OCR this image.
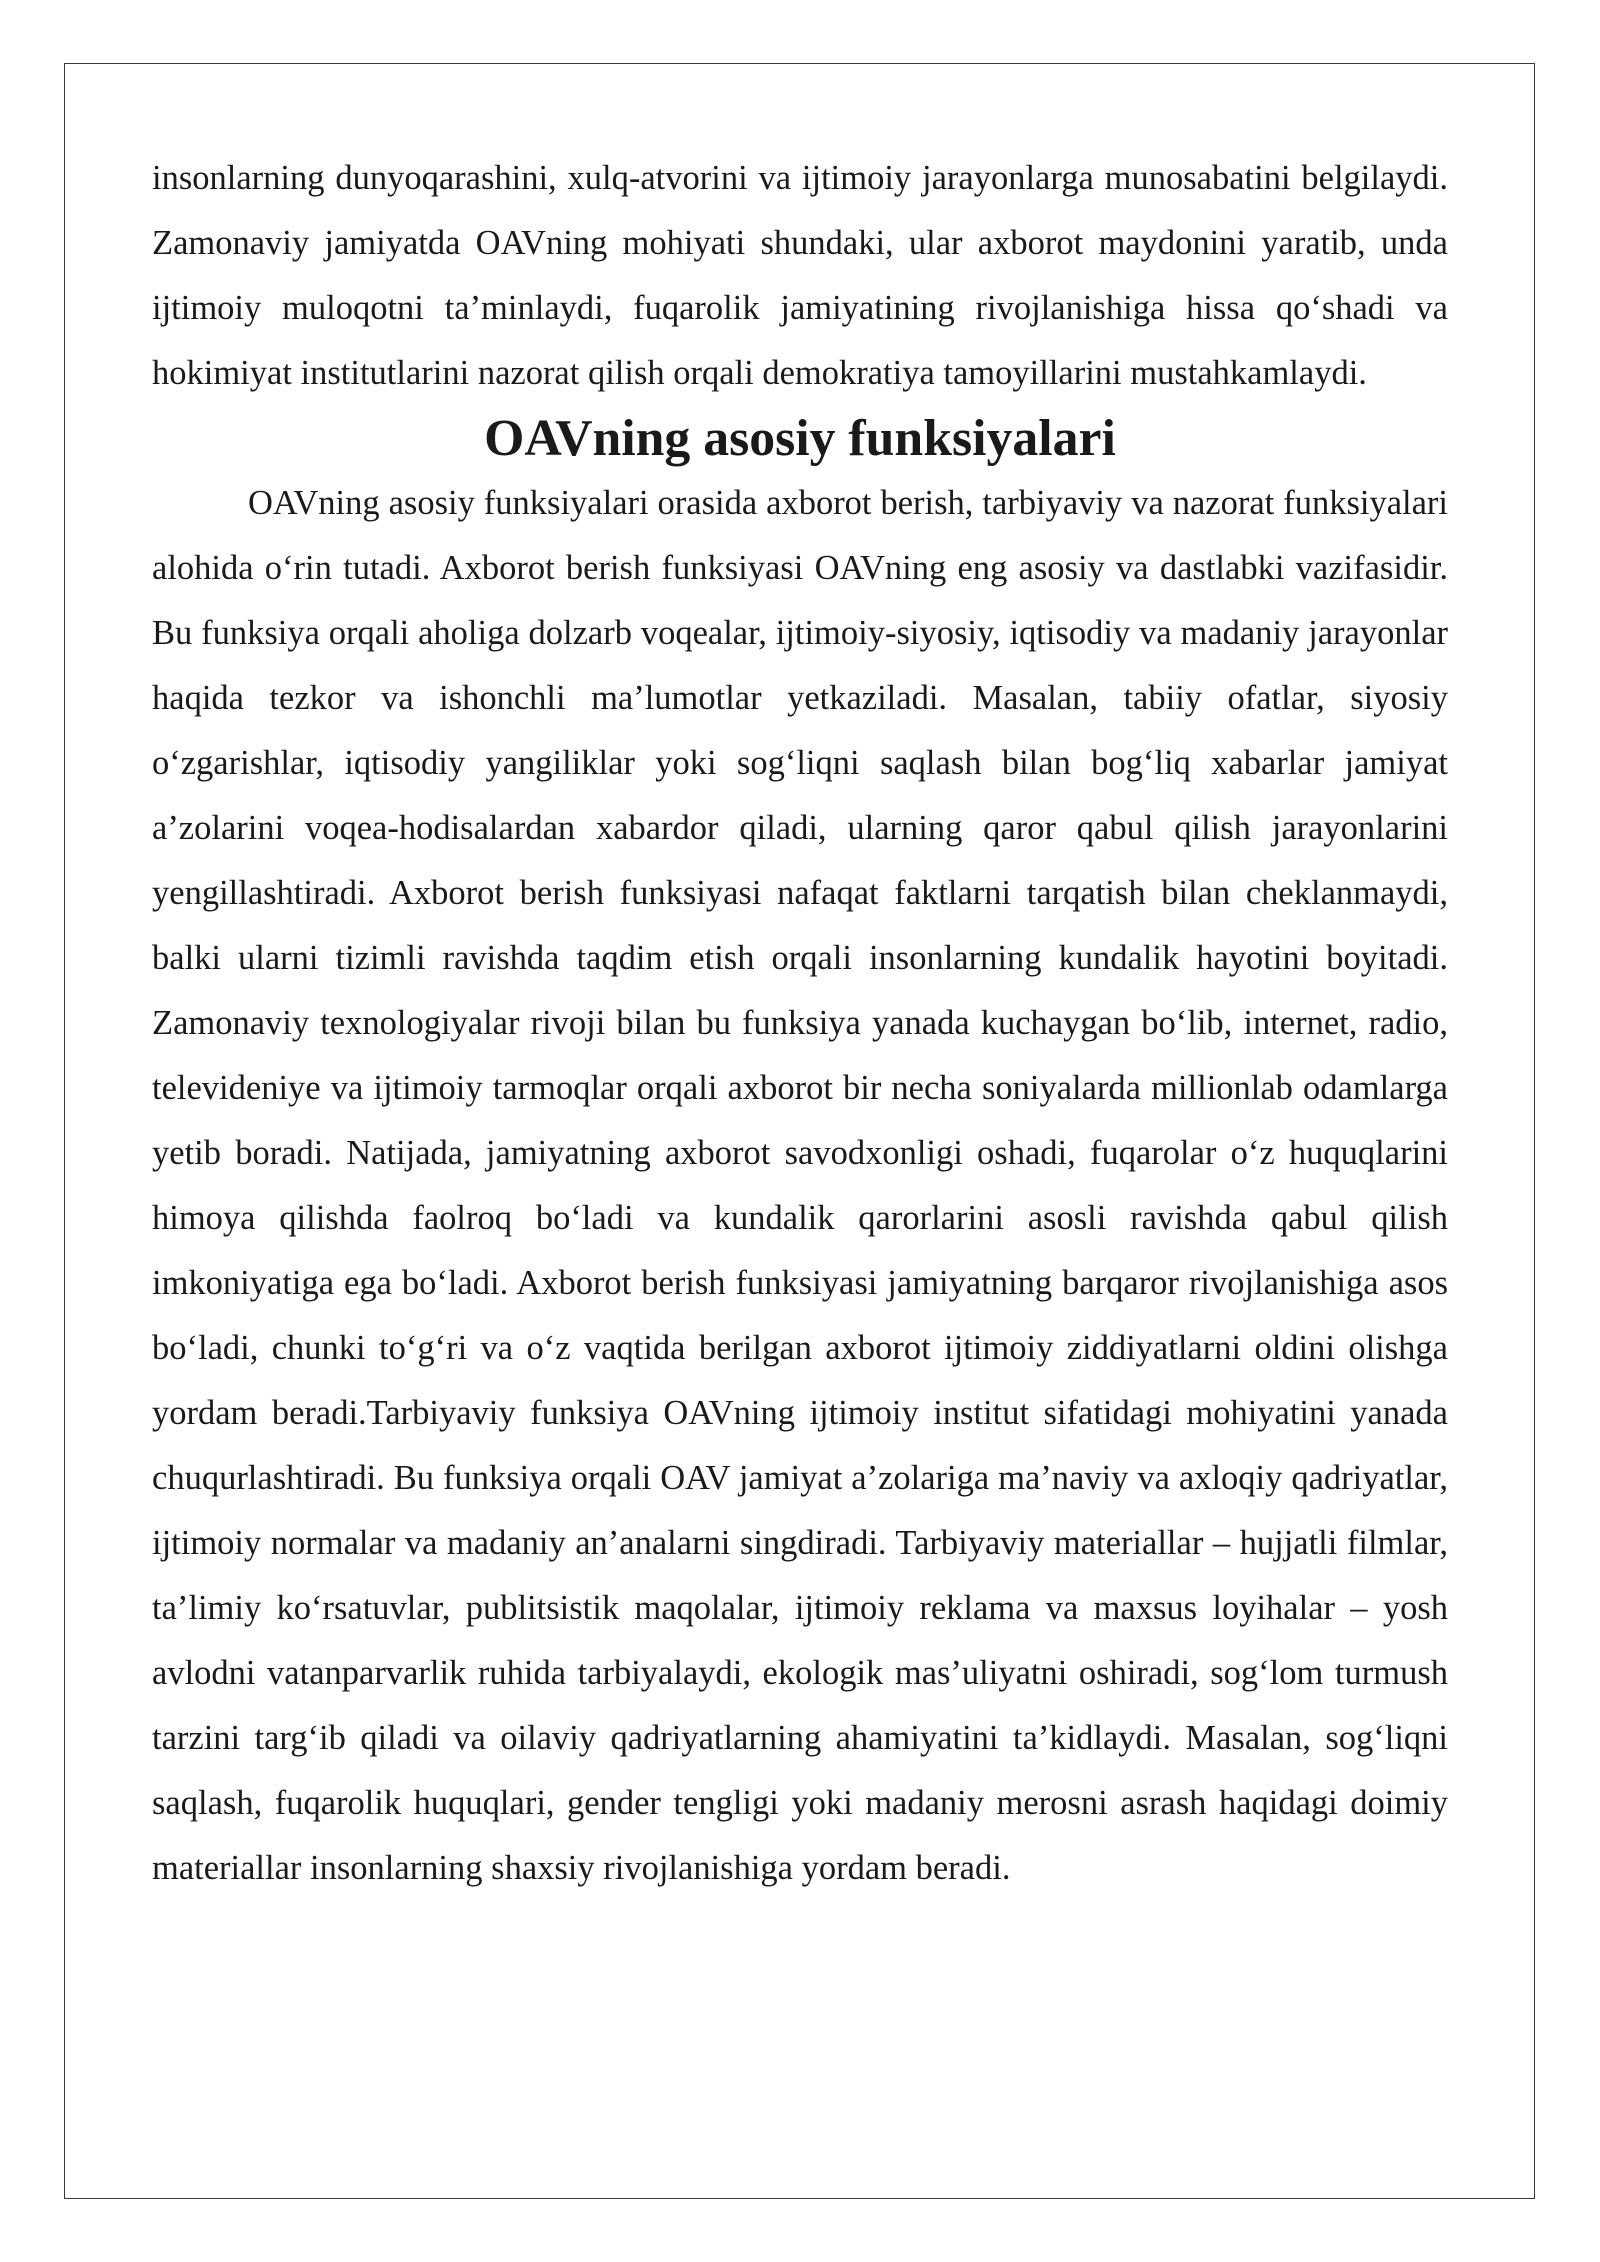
insonlarning dunyoqarashini, xulq-atvorini va ijtimoiy jarayonlarga munosabatini belgilaydi. Zamonaviy jamiyatda OAVning mohiyati shundaki, ular axborot maydonini yaratib, unda ijtimoiy muloqotni ta’minlaydi, fuqarolik jamiyatining rivojlanishiga hissa qo‘shadi va hokimiyat institutlarini nazorat qilish orqali demokratiya tamoyillarini mustahkamlaydi.

OAVning asosiy funksiyalari

OAVning asosiy funksiyalari orasida axborot berish, tarbiyaviy va nazorat funksiyalari alohida o‘rin tutadi. Axborot berish funksiyasi OAVning eng asosiy va dastlabki vazifasidir. Bu funksiya orqali aholiga dolzarb voqealar, ijtimoiy-siyosiy, iqtisodiy va madaniy jarayonlar haqida tezkor va ishonchli ma’lumotlar yetkaziladi. Masalan, tabiiy ofatlar, siyosiy o‘zgarishlar, iqtisodiy yangiliklar yoki sog‘liqni saqlash bilan bog‘liq xabarlar jamiyat a’zolarini voqea-hodisalardan xabardor qiladi, ularning qaror qabul qilish jarayonlarini yengillashtiradi. Axborot berish funksiyasi nafaqat faktlarni tarqatish bilan cheklanmaydi, balki ularni tizimli ravishda taqdim etish orqali insonlarning kundalik hayotini boyitadi. Zamonaviy texnologiyalar rivoji bilan bu funksiya yanada kuchaygan bo‘lib, internet, radio, televideniye va ijtimoiy tarmoqlar orqali axborot bir necha soniyalarda millionlab odamlarga yetib boradi. Natijada, jamiyatning axborot savodxonligi oshadi, fuqarolar o‘z huquqlarini himoya qilishda faolroq bo‘ladi va kundalik qarorlarini asosli ravishda qabul qilish imkoniyatiga ega bo‘ladi. Axborot berish funksiyasi jamiyatning barqaror rivojlanishiga asos bo‘ladi, chunki to‘g‘ri va o‘z vaqtida berilgan axborot ijtimoiy ziddiyatlarni oldini olishga yordam beradi.Tarbiyaviy funksiya OAVning ijtimoiy institut sifatidagi mohiyatini yanada chuqurlashtiradi. Bu funksiya orqali OAV jamiyat a’zolariga ma’naviy va axloqiy qadriyatlar, ijtimoiy normalar va madaniy an’analarni singdiradi. Tarbiyaviy materiallar – hujjatli filmlar, ta’limiy ko‘rsatuvlar, publitsistik maqolalar, ijtimoiy reklama va maxsus loyihalar – yosh avlodni vatanparvarlik ruhida tarbiyalaydi, ekologik mas’uliyatni oshiradi, sog‘lom turmush tarzini targ‘ib qiladi va oilaviy qadriyatlarning ahamiyatini ta’kidlaydi. Masalan, sog‘liqni saqlash, fuqarolik huquqlari, gender tengligi yoki madaniy merosni asrash haqidagi doimiy materiallar insonlarning shaxsiy rivojlanishiga yordam beradi.
